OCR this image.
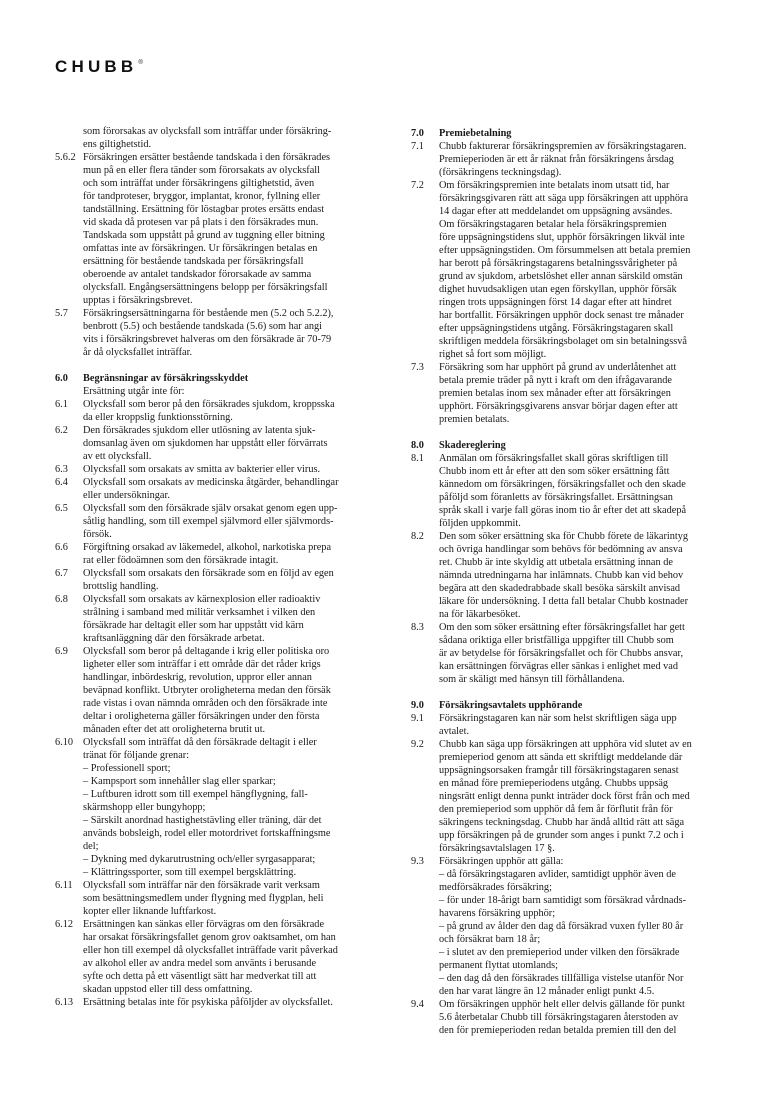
CHUBB ®
som förorsakas av olycksfall som inträffar under försäkring-
ens giltighetstid.
5.6.2 Försäkringen ersätter bestående tandskada i den försäkrades
mun på en eller flera tänder som förorsakats av olycksfall
och som inträffat under försäkringens giltighetstid, även
för tandproteser, bryggor, implantat, kronor, fyllning eller
tandställning. Ersättning för löstagbar protes ersätts endast
vid skada då protesen var på plats i den försäkrades mun.
Tandskada som uppstått på grund av tuggning eller bitning
omfattas inte av försäkringen. Ur försäkringen betalas en
ersättning för bestående tandskada per försäkringsfall
oberoende av antalet tandskador förorsakade av samma
olycksfall. Engångsersättningens belopp per försäkringsfall
upptas i försäkringsbrevet.
5.7	Försäkringsersättningarna för bestående men (5.2 och 5.2.2),
benbrott (5.5) och bestående tandskada (5.6) som har angi
vits i försäkringsbrevet halveras om den försäkrade är 70-79
år då olycksfallet inträffar.
6.0	Begränsningar av försäkringsskyddet
Ersättning utgår inte för:
6.1	Olycksfall som beror på den försäkrades sjukdom, kroppsska
da eller kroppslig funktionsstörning.
6.2	Den försäkrades sjukdom eller utlösning av latenta sjuk-
domsanlag även om sjukdomen har uppstått eller förvärrats
av ett olycksfall.
6.3	Olycksfall som orsakats av smitta av bakterier eller virus.
6.4	Olycksfall som orsakats av medicinska åtgärder, behandlingar
eller undersökningar.
6.5	Olycksfall som den försäkrade själv orsakat genom egen upp-
såtlig handling, som till exempel självmord eller självmords-
försök.
6.6	Förgiftning orsakad av läkemedel, alkohol, narkotiska prepa
rat eller födoämnen som den försäkrade intagit.
6.7	Olycksfall som orsakats den försäkrade som en följd av egen
brottslig handling.
6.8	Olycksfall som orsakats av kärnexplosion eller radioaktiv
strålning i samband med militär verksamhet i vilken den
försäkrade har deltagit eller som har uppstått vid kärn
kraftsanläggning där den försäkrade arbetat.
6.9	Olycksfall som beror på deltagande i krig eller politiska oro
ligheter eller som inträffar i ett område där det råder krigs
handlingar, inbördeskrig, revolution, uppror eller annan
beväpnad konflikt. Utbryter oroligheterna medan den försäk
rade vistas i ovan nämnda områden och den försäkrade inte
deltar i oroligheterna gäller försäkringen under den första
månaden efter det att oroligheterna brutit ut.
6.10 Olycksfall som inträffat då den försäkrade deltagit i eller
tränat för följande grenar:
– Professionell sport;
– Kampsport som innehåller slag eller sparkar;
– Luftburen idrott som till exempel hängflygning, fall-
skärmshopp eller bungyhopp;
– Särskilt anordnad hastighetstävling eller träning, där det
används bobsleigh, rodel eller motordrivet fortskaffningsme
del;
– Dykning med dykarutrustning och/eller syrgasapparat;
– Klättringssporter, som till exempel bergsklättring.
6.11	Olycksfall som inträffar när den försäkrade varit verksam
som besättningsmedlem under flygning med flygplan, heli
kopter eller liknande luftfarkost.
6.12 Ersättningen kan sänkas eller förvägras om den försäkrade
har orsakat försäkringsfallet genom grov oaktsamhet, om han
eller hon till exempel då olycksfallet inträffade varit påverkad
av alkohol eller av andra medel som använts i berusande
syfte och detta på ett väsentligt sätt har medverkat till att
skadan uppstod eller till dess omfattning.
6.13 Ersättning betalas inte för psykiska påföljder av olycksfallet.
7.0	Premiebetalning
7.1	Chubb fakturerar försäkringspremien av försäkringstagaren.
Premieperioden är ett år räknat från försäkringens årsdag
(försäkringens teckningsdag).
7.2	Om försäkringspremien inte betalats inom utsatt tid, har
försäkringsgivaren rätt att säga upp försäkringen att upphöra
14 dagar efter att meddelandet om uppsägning avsändes.
Om försäkringstagaren betalar hela försäkringspremien
före uppsägningstidens slut, upphör försäkringen likväl inte
efter uppsägningstiden. Om försummelsen att betala premien
har berott på försäkringstagarens betalningssvårigheter på
grund av sjukdom, arbetslöshet eller annan särskild omstän
dighet huvudsakligen utan egen förskyllan, upphör försäk
ringen trots uppsägningen först 14 dagar efter att hindret
har bortfallit. Försäkringen upphör dock senast tre månader
efter uppsägningstidens utgång. Försäkringstagaren skall
skriftligen meddela försäkringsbolaget om sin betalningssvå
righet så fort som möjligt.
7.3	Försäkring som har upphört på grund av underlåtenhet att
betala premie träder på nytt i kraft om den ifrågavarande
premien betalas inom sex månader efter att försäkringen
upphört. Försäkringsgivarens ansvar börjar dagen efter att
premien betalats.
8.0	Skadereglering
8.1	Anmälan om försäkringsfallet skall göras skriftligen till
Chubb inom ett år efter att den som söker ersättning fått
kännedom om försäkringen, försäkringsfallet och den skade
påföljd som föranletts av försäkringsfallet. Ersättningsan
språk skall i varje fall göras inom tio år efter det att skadepå
följden uppkommit.
8.2	Den som söker ersättning ska för Chubb förete de läkarintyg
och övriga handlingar som behövs för bedömning av ansva
ret. Chubb är inte skyldig att utbetala ersättning innan de
nämnda utredningarna har inlämnats. Chubb kan vid behov
begära att den skadedrabbade skall besöka särskilt anvisad
läkare för undersökning. I detta fall betalar Chubb kostnader
na för läkarbesöket.
8.3	Om den som söker ersättning efter försäkringsfallet har gett
sådana oriktiga eller bristfälliga uppgifter till Chubb som
är av betydelse för försäkringsfallet och för Chubbs ansvar,
kan ersättningen förvägras eller sänkas i enlighet med vad
som är skäligt med hänsyn till förhållandena.
9.0	Försäkringsavtalets upphörande
9.1	Försäkringstagaren kan när som helst skriftligen säga upp
avtalet.
9.2	Chubb kan säga upp försäkringen att upphöra vid slutet av en
premieperiod genom att sända ett skriftligt meddelande där
uppsägningsorsaken framgår till försäkringstagaren senast
en månad före premieperiodens utgång. Chubbs uppsäg
ningsrätt enligt denna punkt inträder dock först från och med
den premieperiod som upphör då fem år förflutit från för
säkringens teckningsdag. Chubb har ändå alltid rätt att säga
upp försäkringen på de grunder som anges i punkt 7.2 och i
försäkringsavtalslagen 17 §.
9.3	Försäkringen upphör att gälla:
– då försäkringstagaren avlider, samtidigt upphör även de
medförsäkrades försäkring;
– för under 18-årigt barn samtidigt som försäkrad vårdnads-
havarens försäkring upphör;
– på grund av ålder den dag då försäkrad vuxen fyller 80 år
och försäkrat barn 18 år;
– i slutet av den premieperiod under vilken den försäkrade
permanent flyttat utomlands;
– den dag då den försäkrades tillfälliga vistelse utanför Nor
den har varat längre än 12 månader enligt punkt 4.5.
9.4	Om försäkringen upphör helt eller delvis gällande för punkt
5.6 återbetalar Chubb till försäkringstagaren återstoden av
den för premieperioden redan betalda premien till den del
